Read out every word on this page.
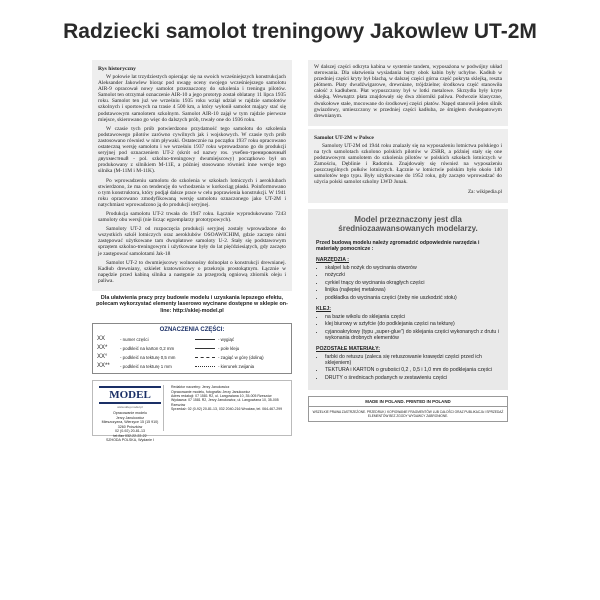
Radziecki samolot treningowy Jakowlew UT-2M
Rys historyczny

W połowie lat trzydziestych opierając się na swoich wcześniejszych konstrukcjach Aleksander Jakowlew biorąc pod uwagę oceny swojego wcześniejszego samolotu AIR-9 opracował nowy samolot przeznaczony do szkolenia i treningu pilotów. Samolot ten otrzymał oznaczenie AIR-10 a jego prototyp został oblatany 11 lipca 1935 roku. Samolot ten już we wrześniu 1935 roku wziął udział w rajdzie samolotów szkolnych i sportowych na trasie 4 500 km, a który wyłonił samolot mający stać się podstawowym samolotem szkolnym. Samolot AIR-10 zajął w tym rajdzie pierwsze miejsce, skierowano go więc do dalszych prób, trwały one do 1936 roku.

W czasie tych prób potwierdzono przydatność tego samolotu do szkolenia podstawowego pilotów zarówno cywilnych jak i wojskowych. W czasie tych prób zastosowano również w nim pływaki. Ostatecznie na początku 1937 roku opracowano ostateczną wersję samolotu i we wrześniu 1937 roku wprowadzono go do produkcji seryjnej pod oznaczeniem UT-2 (skrót od nazwy ros. учебно-тренировочный двухместный - pol. szkolno-treningowy dwumiejscowy) początkowo był on produkowany z silnikiem M-11E, a później stosowano również inne wersje tego silnika (M-11M i M-11K).

Po wprowadzeniu samolotu do szkolenia w szkołach lotniczych i aeroklubach stwierdzono, że ma on tendencję do wchodzenia w korkociąg płaski. Poinformowano o tym konstruktora, który podjął dalsze prace w celu poprawienia konstrukcji. W 1941 roku opracowano zmodyfikowaną wersję samolotu oznaczonego jako UT-2M i natychmiast wprowadzono ją do produkcji seryjnej.

Produkcja samolotu UT-2 trwała do 1947 roku. Łącznie wyprodukowano 7243 samoloty obu wersji (nie licząc egzemplarzy prototypowych).

Samoloty UT-2 od rozpoczęcia produkcji seryjnej zostały wprowadzone do wszystkich szkół lotniczych oraz aeroklubów OSOAWICHIM, gdzie zaczęto nimi zastępować użytkowane tam dwupłatowe samoloty U-2. Stały się podstawowym sprzętem szkolno-treningowym i użytkowane były do lat pięćdziesiątych, gdy zaczęto je zastępować samolotami Jak-18

Samolot UT-2 to dwumiejscowy wolnonośny dolnopłat o konstrukcji drewnianej. Kadłub drewniany, szkielet kratownicowy o przekroju prostokątnym. Łącznie w napędzie przed kabiną silnika a następnie za przegrodą ogniową zbiornik oleju i paliwa.

Dla ułatwienia pracy przy budowie modelu i uzyskania lepszego efektu, polecam wykorzystać elementy laserowo wycinane dostępne w sklepie on-line: http://sklej-model.pl
OZNACZENIA CZĘŚCI:
XX	- numer części	- wygiąć
XX*	- podkleić na karton 0,2 mm	- pole kleju
XX°	- podkleić na tekturę 0,5 mm	- zagiąć w górę (doliną)
XX**	- podkleić na tekturę 1 mm	- kierunek zwijania
MODEL
www.sklej-model.pl
Opracowanie modelu
Jerzy Janukowicz
Mieszczyzna, Wierzyce 15 (15 910)
3260 Prószków
02 (0-92) 20-81-13
tel./fax 032-22-22-22
SZHODA POLSKA, Wydanie I
Redaktor naczelny: Jerzy Janukowicz
Opracowanie modelu, fotografia: Jerzy Janukowicz
Adres redakcji: 07 1581 R2, ul. Langowiana 10, 35-005 Rzeszów
Wydawca: 07 1581 R2, Jerzy Janukowicz, ul. Langowiana 10, 35-005 Rzeszów
Sprzedaż: 02 (0-92) 20-81-13, 032 2040-216 Wrocław, tel. 064-467-299

W dalszej części odkryta kabina w systemie tandem, wyposażona w podwójny układ sterowania. Dla ułatwienia wysiadania burty obok kabin były uchylne. Kadłub w przedniej części kryty był blachą, w dalszej części górna część pokryta sklejką, reszta płótnem. Płaty dwudźwigarowe, drewniane, trójdzielne; środkowa część stanowiła całość z kadłubem. Płat wypuszczony był w lotki metalowe. Skrzydła były kryte sklejką. Wewnątrz płata znajdowały się dwa zbiorniki paliwa. Podwozie klasyczne, dwukołowe stałe, mocowane do środkowej części płatów. Napęd stanowił jeden silnik gwiazdowy, umieszczony w przedniej części kadłuba, ze śmigłem dwułopatowym drewnianym.

Samolot UT-2M w Polsce

Samoloty UT-2M od 1944 roku znalazły się na wyposażeniu lotnictwa polskiego i na tych samolotach szkolono polskich pilotów w ZSRR, a później stały się one podstawowym samolotem do szkolenia pilotów w polskich szkołach lotniczych w Zamościu, Dęblinie i Radomiu. Znajdowały się również na wyposażeniu poszczególnych pułków lotniczych. Łącznie w lotnictwie polskim było około 140 samolotów tego typu. Były użytkowane do 1952 roku, gdy zaczęto wprowadzać do użycia polski samolot szkolny LWD Junak.

Za: wikipedia.pl
Model przeznaczony jest dla średniozaawansowanych modelarzy.
Przed budową modelu należy zgromadzić odpowiednie narzędzia i materiały pomocnicze :
NARZĘDZIA :
• skalpel lub nożyk do wycinania otworów
• nożyczki
• cyrkiel tnący do wycinania okrągłych części
• linijka (najlepiej metalowa)
• podkładka do wycinania części (żeby nie uszkodzić stołu)
KLEJ:
• na bazie wikolu do sklejania części
• klej biurowy w sztyfcie (do podklejania części na tekturę)
• cyjanoakrylowy (typu „super-glue”) do sklejania części wykonanych z drutu i wykonania drobnych elementów
POZOSTAŁE MATERIAŁY:
• farbki do retuszu (zaleca się retuszowanie krawędzi części przed ich sklejeniem)
• TEKTURA i KARTON o grubości 0,2 , 0,5 i 1,0 mm do podklejania części
• DRUTY o średnicach podanych w zestawieniu części
MADE IN POLAND. PRINTED IN POLAND
WSZELKIE PRAWA ZASTRZEŻONE. PRZEDRUK I KOPIOWANIE FRAGMENTÓW LUB CAŁOŚCI ORAZ PUBLIKACJA I SPRZEDAŻ ELEMENTÓW BEZ ZGODY WYDAWCY ZABRONIONE.
